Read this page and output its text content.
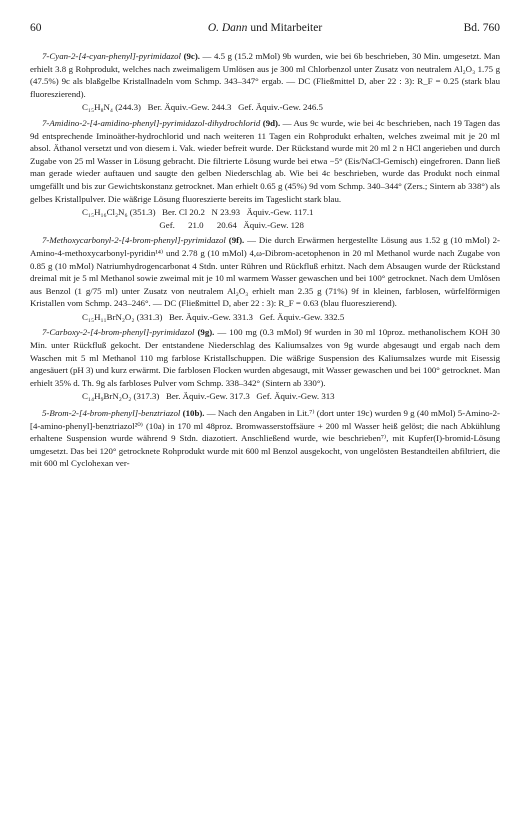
60	O. Dann und Mitarbeiter	Bd. 760

7-Cyan-2-[4-cyan-phenyl]-pyrimidazol (9c). — 4.5 g (15.2 mMol) 9b wurden, wie bei 6b beschrieben, 30 Min. umgesetzt. Man erhielt 3.8 g Rohprodukt, welches nach zweimaligem Umlösen aus je 300 ml Chlorbenzol unter Zusatz von neutralem Al₂O₃ 1.75 g (47.5%) 9c als blaßgelbe Kristallnadeln vom Schmp. 343–347° ergab. — DC (Fließmittel D, aber 22 : 3): R_F = 0.25 (stark blau fluoreszierend).

C₁₅H₈N₄ (244.3)   Ber. Äquiv.-Gew. 244.3   Gef. Äquiv.-Gew. 246.5

7-Amidino-2-[4-amidino-phenyl]-pyrimidazol-dihydrochlorid (9d). — Aus 9c wurde, wie bei 4c beschrieben, nach 19 Tagen das 9d entsprechende Iminoäther-hydrochlorid und nach weiteren 11 Tagen ein Rohprodukt erhalten, welches zweimal mit je 20 ml absol. Äthanol versetzt und von diesem i. Vak. wieder befreit wurde. Der Rückstand wurde mit 20 ml 2 n HCl angerieben und durch Zugabe von 25 ml Wasser in Lösung gebracht. Die filtrierte Lösung wurde bei etwa −5° (Eis/NaCl-Gemisch) eingefroren. Dann ließ man gerade wieder auftauen und saugte den gelben Niederschlag ab. Wie bei 4c beschrieben, wurde das Produkt noch einmal umgefällt und bis zur Gewichtskonstanz getrocknet. Man erhielt 0.65 g (45%) 9d vom Schmp. 340–344° (Zers.; Sintern ab 338°) als gelbes Kristallpulver. Die wäßrige Lösung fluoreszierte bereits im Tageslicht stark blau.

C₁₅H₁₆Cl₂N₆ (351.3)   Ber. Cl 20.2   N 23.93   Äquiv.-Gew. 117.1
Gef.      21.0      20.64   Äquiv.-Gew. 128

7-Methoxycarbonyl-2-[4-brom-phenyl]-pyrimidazol (9f). — Die durch Erwärmen hergestellte Lösung aus 1.52 g (10 mMol) 2-Amino-4-methoxycarbonyl-pyridin¹⁴⁾ und 2.78 g (10 mMol) 4,ω-Dibrom-acetophenon in 20 ml Methanol wurde nach Zugabe von 0.85 g (10 mMol) Natriumhydrogencarbonat 4 Stdn. unter Rühren und Rückfluß erhitzt. Nach dem Absaugen wurde der Rückstand dreimal mit je 5 ml Methanol sowie zweimal mit je 10 ml warmem Wasser gewaschen und bei 100° getrocknet. Nach dem Umlösen aus Benzol (1 g/75 ml) unter Zusatz von neutralem Al₂O₃ erhielt man 2.35 g (71%) 9f in kleinen, farblosen, würfelförmigen Kristallen vom Schmp. 243–246°. — DC (Fließmittel D, aber 22 : 3): R_F = 0.63 (blau fluoreszierend).

C₁₅H₁₁BrN₂O₂ (331.3)   Ber. Äquiv.-Gew. 331.3   Gef. Äquiv.-Gew. 332.5

7-Carboxy-2-[4-brom-phenyl]-pyrimidazol (9g). — 100 mg (0.3 mMol) 9f wurden in 30 ml 10proz. methanolischem KOH 30 Min. unter Rückfluß gekocht. Der entstandene Niederschlag des Kaliumsalzes von 9g wurde abgesaugt und ergab nach dem Waschen mit 5 ml Methanol 110 mg farblose Kristallschuppen. Die wäßrige Suspension des Kaliumsalzes wurde mit Eisessig angesäuert (pH 3) und kurz erwärmt. Die farblosen Flocken wurden abgesaugt, mit Wasser gewaschen und bei 100° getrocknet. Man erhielt 35% d. Th. 9g als farbloses Pulver vom Schmp. 338–342° (Sintern ab 330°).

C₁₄H₉BrN₂O₂ (317.3)   Ber. Äquiv.-Gew. 317.3   Gef. Äquiv.-Gew. 313

5-Brom-2-[4-brom-phenyl]-benztriazol (10b). — Nach den Angaben in Lit.⁷⁾ (dort unter 19c) wurden 9 g (40 mMol) 5-Amino-2-[4-amino-phenyl]-benztriazol²⁰⁾ (10a) in 170 ml 48proz. Bromwasserstoffsäure + 200 ml Wasser heiß gelöst; die nach Abkühlung erhaltene Suspension wurde während 9 Stdn. diazotiert. Anschließend wurde, wie beschrieben⁷⁾, mit Kupfer(I)-bromid-Lösung umgesetzt. Das bei 120° getrocknete Rohprodukt wurde mit 600 ml Benzol ausgekocht, von ungelösten Bestandteilen abfiltriert, die mit 600 ml Cyclohexan ver-
